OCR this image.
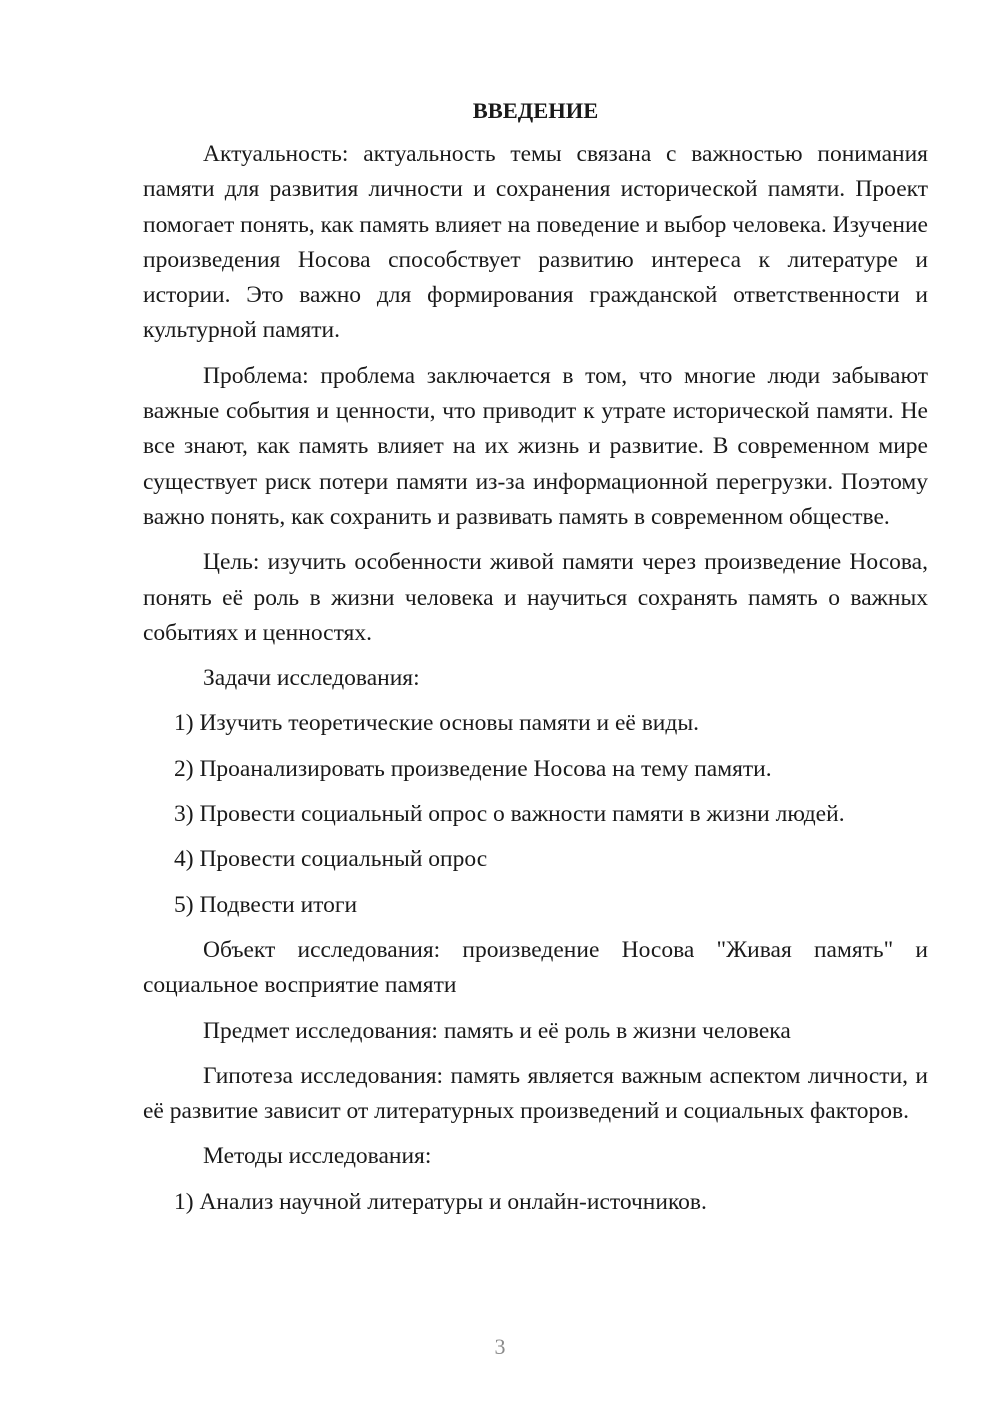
ВВЕДЕНИЕ

Актуальность: актуальность темы связана с важностью понимания памяти для развития личности и сохранения исторической памяти. Проект помогает понять, как память влияет на поведение и выбор человека. Изучение произведения Носова способствует развитию интереса к литературе и истории. Это важно для формирования гражданской ответственности и культурной памяти.

Проблема: проблема заключается в том, что многие люди забывают важные события и ценности, что приводит к утрате исторической памяти. Не все знают, как память влияет на их жизнь и развитие. В современном мире существует риск потери памяти из-за информационной перегрузки. Поэтому важно понять, как сохранить и развивать память в современном обществе.

Цель: изучить особенности живой памяти через произведение Носова, понять её роль в жизни человека и научиться сохранять память о важных событиях и ценностях.

Задачи исследования:

1) Изучить теоретические основы памяти и её виды.

2) Проанализировать произведение Носова на тему памяти.

3) Провести социальный опрос о важности памяти в жизни людей.

4) Провести социальный опрос

5) Подвести итоги

Объект исследования: произведение Носова "Живая память" и социальное восприятие памяти

Предмет исследования: память и её роль в жизни человека

Гипотеза исследования: память является важным аспектом личности, и её развитие зависит от литературных произведений и социальных факторов.

Методы исследования:

1) Анализ научной литературы и онлайн-источников.

3
